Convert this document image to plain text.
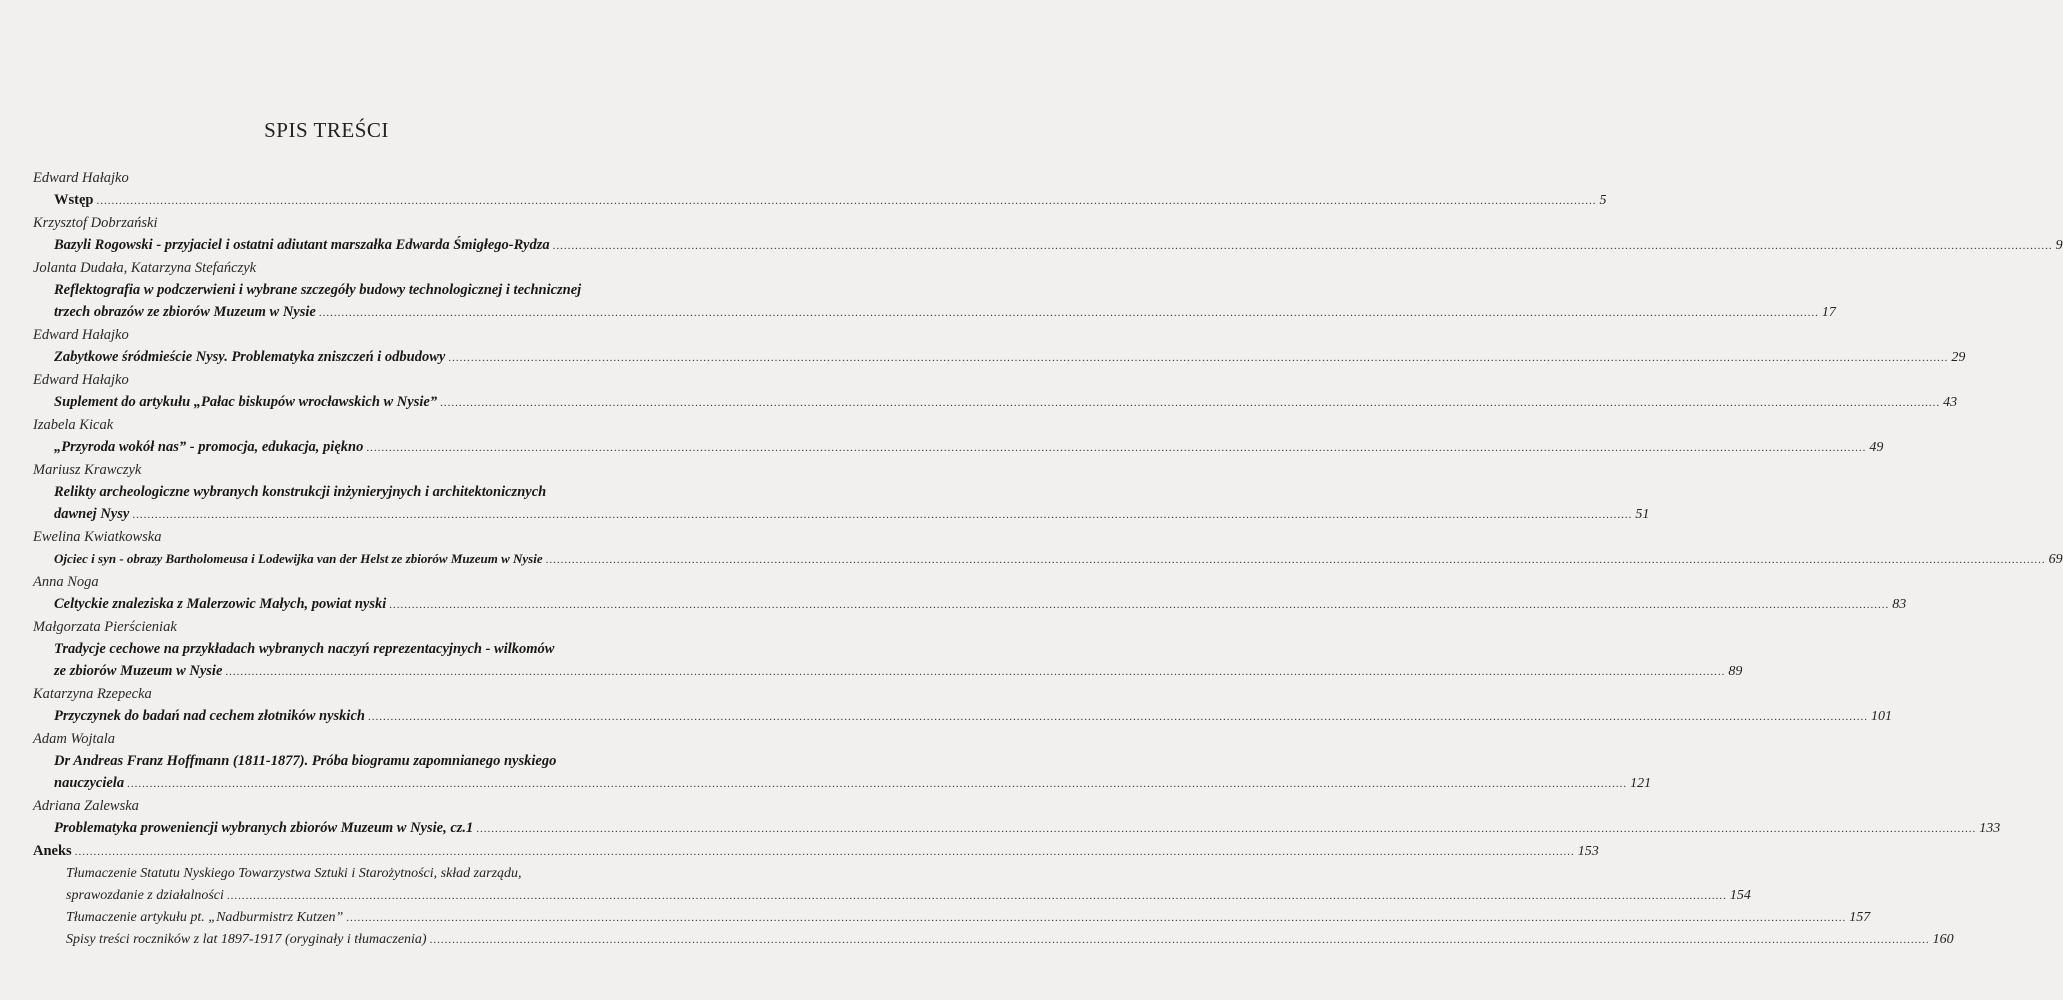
SPIS TREŚCI
Edward Hałajko
Wstęp ................................................................................................................................................................................................................................................................................................................................................................................................................ 5
Krzysztof Dobrzański
Bazyli Rogowski - przyjaciel i ostatni adiutant marszałka Edwarda Śmigłego-Rydza ................................................................................................................................................................................................................................................................................................................................................................................................................ 9
Jolanta Dudała, Katarzyna Stefańczyk
Reflektografia w podczerwieni i wybrane szczegóły budowy technologicznej i technicznej
trzech obrazów ze zbiorów Muzeum w Nysie ................................................................................................................................................................................................................................................................................................................................................................................................................ 17
Edward Hałajko
Zabytkowe śródmieście Nysy. Problematyka zniszczeń i odbudowy ................................................................................................................................................................................................................................................................................................................................................................................................................ 29
Edward Hałajko
Suplement do artykułu „Pałac biskupów wrocławskich w Nysie” ................................................................................................................................................................................................................................................................................................................................................................................................................ 43
Izabela Kicak
„Przyroda wokół nas” - promocja, edukacja, piękno ................................................................................................................................................................................................................................................................................................................................................................................................................ 49
Mariusz Krawczyk
Relikty archeologiczne wybranych konstrukcji inżynieryjnych i architektonicznych
dawnej Nysy ................................................................................................................................................................................................................................................................................................................................................................................................................ 51
Ewelina Kwiatkowska
Ojciec i syn - obrazy Bartholomeusa i Lodewijka van der Helst ze zbiorów Muzeum w Nysie ................................................................................................................................................................................................................................................................................................................................................................................................................ 69
Anna Noga
Celtyckie znaleziska z Malerzowic Małych, powiat nyski ................................................................................................................................................................................................................................................................................................................................................................................................................ 83
Małgorzata Pierścieniak
Tradycje cechowe na przykładach wybranych naczyń reprezentacyjnych - wilkomów
ze zbiorów Muzeum w Nysie ................................................................................................................................................................................................................................................................................................................................................................................................................ 89
Katarzyna Rzepecka
Przyczynek do badań nad cechem złotników nyskich ................................................................................................................................................................................................................................................................................................................................................................................................................ 101
Adam Wojtala
Dr Andreas Franz Hoffmann (1811-1877). Próba biogramu zapomnianego nyskiego
nauczyciela ................................................................................................................................................................................................................................................................................................................................................................................................................ 121
Adriana Zalewska
Problematyka proweniencji wybranych zbiorów Muzeum w Nysie, cz.1 ................................................................................................................................................................................................................................................................................................................................................................................................................ 133
Aneks ................................................................................................................................................................................................................................................................................................................................................................................................................ 153
Tłumaczenie Statutu Nyskiego Towarzystwa Sztuki i Starożytności, skład zarządu,
sprawozdanie z działalności ................................................................................................................................................................................................................................................................................................................................................................................................................ 154
Tłumaczenie artykułu pt. „Nadburmistrz Kutzen” ................................................................................................................................................................................................................................................................................................................................................................................................................ 157
Spisy treści roczników z lat 1897-1917 (oryginały i tłumaczenia) ................................................................................................................................................................................................................................................................................................................................................................................................................ 160
